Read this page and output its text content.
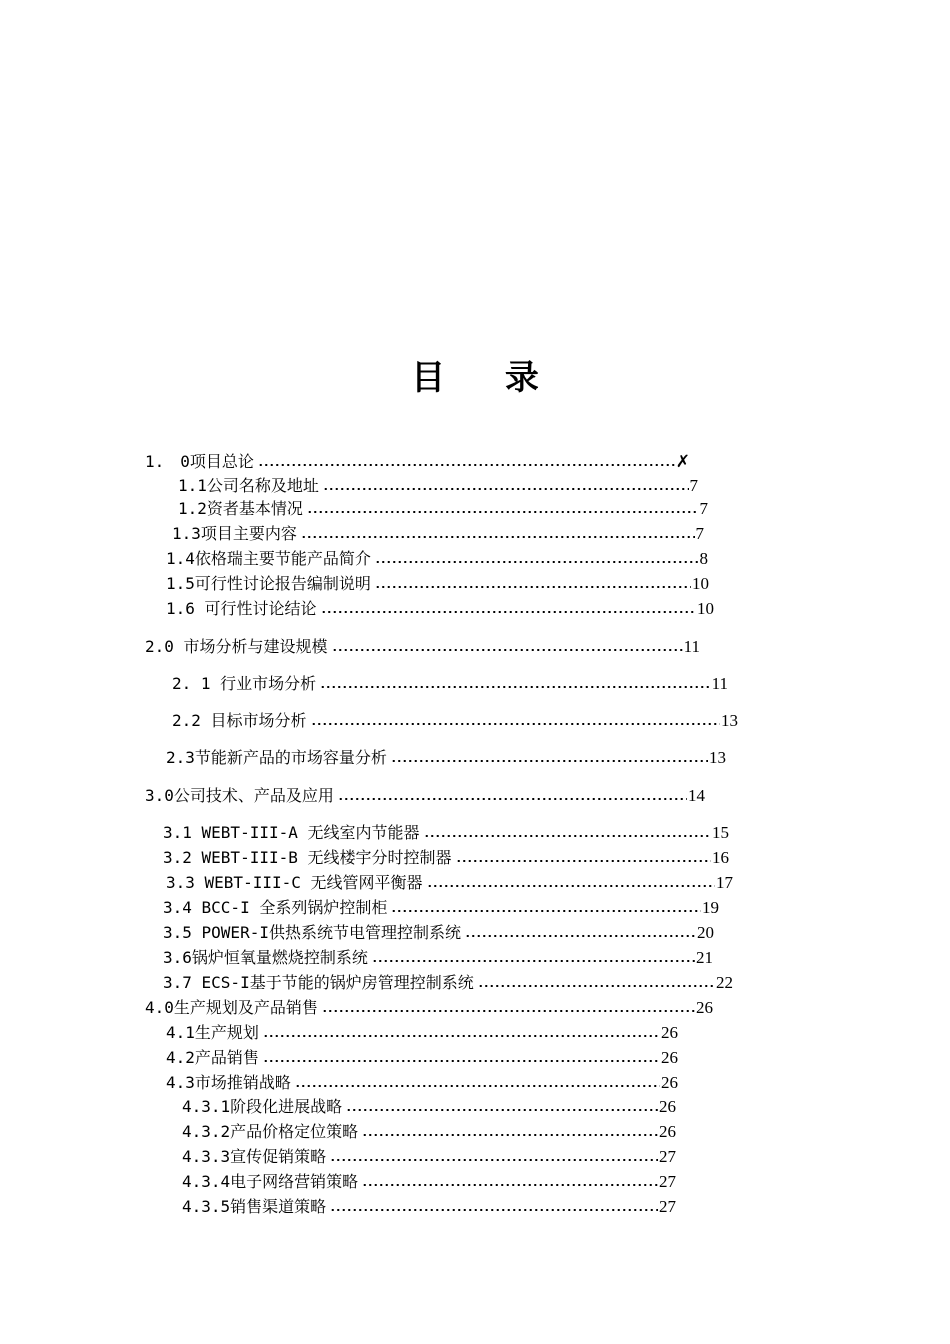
目 录
1.　0项目总论	✗
1.1公司名称及地址	7
1.2资者基本情况	7
1.3项目主要内容	7
1.4依格瑞主要节能产品简介	8
1.5可行性讨论报告编制说明	10
1.6 可行性讨论结论	10
2.0 市场分析与建设规模	11
2. 1 行业市场分析	11
2.2 目标市场分析	13
2.3节能新产品的市场容量分析	13
3.0公司技术、产品及应用	14
3.1 WEBT-III-A 无线室内节能器	15
3.2 WEBT-III-B 无线楼宇分时控制器	16
3.3 WEBT-III-C 无线管网平衡器	17
3.4 BCC-I 全系列锅炉控制柜	19
3.5 POWER-I供热系统节电管理控制系统	20
3.6锅炉恒氧量燃烧控制系统	21
3.7 ECS-I基于节能的锅炉房管理控制系统	22
4.0生产规划及产品销售	26
4.1生产规划	26
4.2产品销售	26
4.3市场推销战略	26
4.3.1阶段化进展战略	26
4.3.2产品价格定位策略	26
4.3.3宣传促销策略	27
4.3.4电子网络营销策略	27
4.3.5销售渠道策略	27
